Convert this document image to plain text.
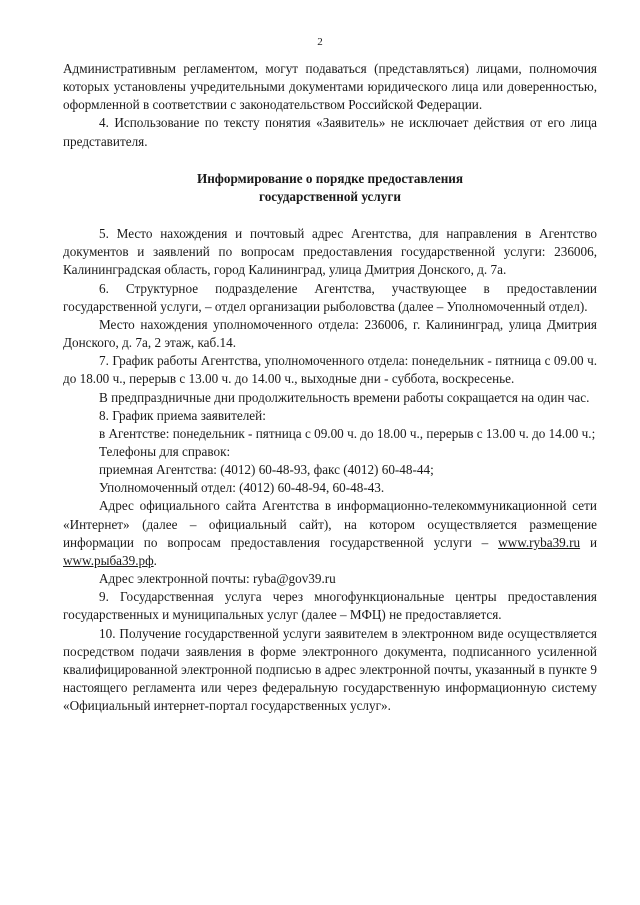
2

Административным регламентом, могут подаваться (представляться) лицами, полномочия которых установлены учредительными документами юридического лица или доверенностью, оформленной в соответствии с законодательством Российской Федерации.

4. Использование по тексту понятия «Заявитель» не исключает действия от его лица представителя.

Информирование о порядке предоставления

государственной услуги

5. Место нахождения и почтовый адрес Агентства, для направления в Агентство документов и заявлений по вопросам предоставления государственной услуги: 236006, Калининградская область, город Калининград, улица Дмитрия Донского, д. 7а.

6. Структурное подразделение Агентства, участвующее в предоставлении государственной услуги, – отдел организации рыболовства (далее – Уполномоченный отдел).

Место нахождения уполномоченного отдела: 236006, г. Калининград, улица Дмитрия Донского, д. 7а, 2 этаж, каб.14.

7. График работы Агентства, уполномоченного отдела: понедельник - пятница с 09.00 ч. до 18.00 ч., перерыв с 13.00 ч. до 14.00 ч., выходные дни - суббота, воскресенье.

В предпраздничные дни продолжительность времени работы сокращается на один час.

8. График приема заявителей:

в Агентстве: понедельник - пятница с 09.00 ч. до 18.00 ч., перерыв с 13.00 ч. до 14.00 ч.;

Телефоны для справок:

приемная Агентства: (4012) 60-48-93, факс (4012) 60-48-44;

Уполномоченный отдел: (4012) 60-48-94, 60-48-43.

Адрес официального сайта Агентства в информационно-телекоммуникационной сети «Интернет» (далее – официальный сайт), на котором осуществляется размещение информации по вопросам предоставления государственной услуги – www.ryba39.ru и www.рыба39.рф.

Адрес электронной почты: ryba@gov39.ru

9. Государственная услуга через многофункциональные центры предоставления государственных и муниципальных услуг (далее – МФЦ) не предоставляется.

10. Получение государственной услуги заявителем в электронном виде осуществляется посредством подачи заявления в форме электронного документа, подписанного усиленной квалифицированной электронной подписью в адрес электронной почты, указанный в пункте 9 настоящего регламента или через федеральную государственную информационную систему «Официальный интернет-портал государственных услуг».
